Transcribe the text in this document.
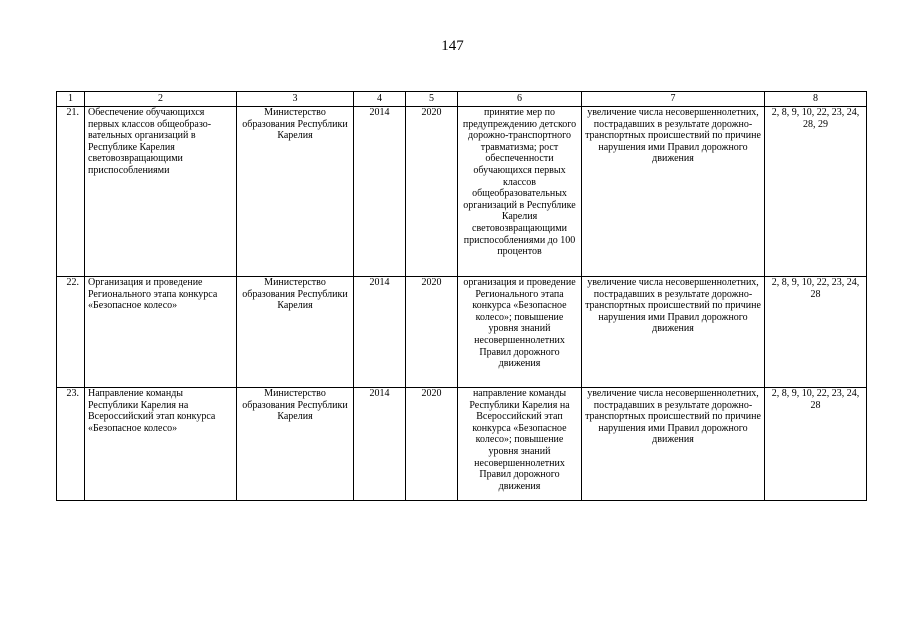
147
1	2	3	4	5	6	7	8
21.	Обеспечение обучающихся первых классов общеобразо-вательных организаций в Республике Карелия световозвращающими приспособлениями	Министерство образования Республики Карелия	2014	2020	принятие мер по предупреждению детского дорожно-транспортного травматизма; рост обеспеченности обучающихся первых классов общеобразовательных организаций в Республике Карелия световозвращающими приспособлениями до 100 процентов	увеличение числа несовершеннолетних, пострадавших в результате дорожно-транспортных происшествий по причине нарушения ими Правил дорожного движения	2, 8, 9, 10, 22, 23, 24, 28, 29
22.	Организация и проведение Регионального этапа конкурса «Безопасное колесо»	Министерство образования Республики Карелия	2014	2020	организация и проведение Регионального этапа конкурса «Безопасное колесо»; повышение уровня знаний несовершеннолетних Правил дорожного движения	увеличение числа несовершеннолетних, пострадавших в результате дорожно-транспортных происшествий по причине нарушения ими Правил дорожного движения	2, 8, 9, 10, 22, 23, 24, 28
23.	Направление команды Республики Карелия на Всероссийский этап конкурса «Безопасное колесо»	Министерство образования Республики Карелия	2014	2020	направление команды Республики Карелия на Всероссийский этап конкурса «Безопасное колесо»; повышение уровня знаний несовершеннолетних Правил дорожного движения	увеличение числа несовершеннолетних, пострадавших в результате дорожно-транспортных происшествий по причине нарушения ими Правил дорожного движения	2, 8, 9, 10, 22, 23, 24, 28
